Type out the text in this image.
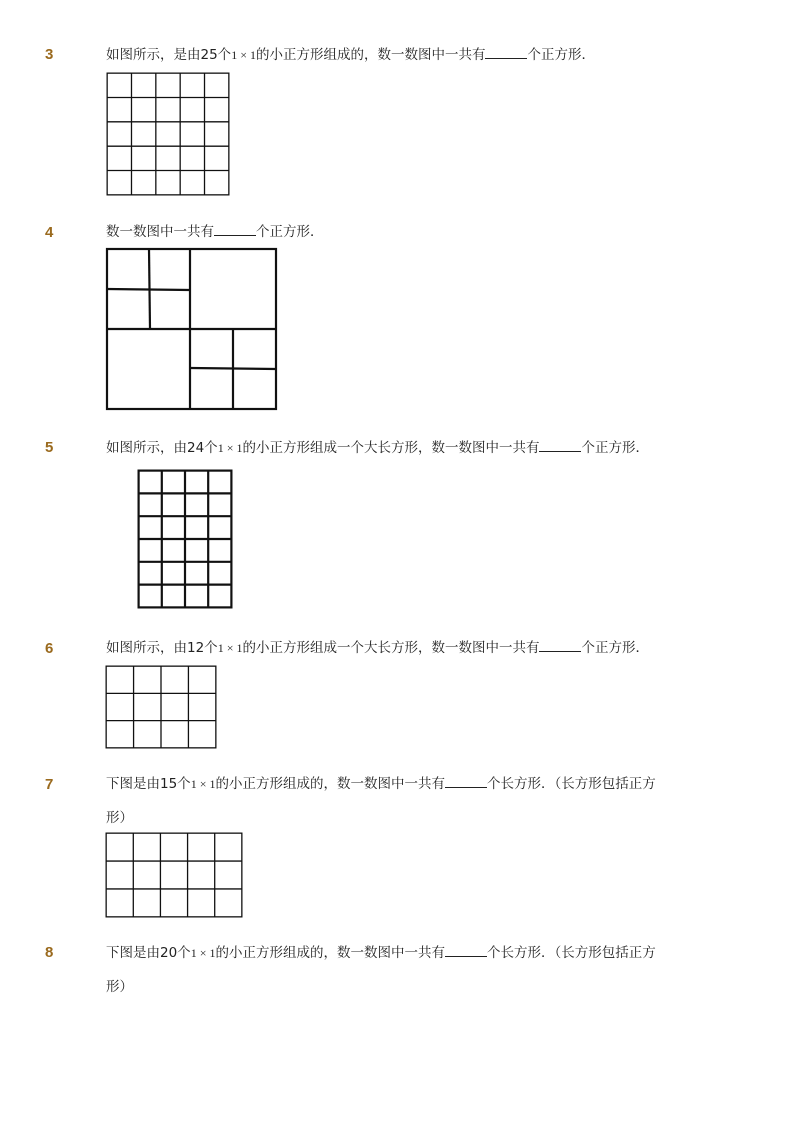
3	如图所示，是由25个1 × 1的小正方形组成的，数一数图中一共有	个正方形．
4	数一数图中一共有	个正方形．
5	如图所示，由24个1 × 1的小正方形组成一个大长方形，数一数图中一共有	个正方形．
6	如图所示，由12个1 × 1的小正方形组成一个大长方形，数一数图中一共有	个正方形．
7	下图是由15个1 × 1的小正方形组成的，数一数图中一共有	个长方形．（长方形包括正方
形）
8	下图是由20个1 × 1的小正方形组成的，数一数图中一共有	个长方形．（长方形包括正方
形）
